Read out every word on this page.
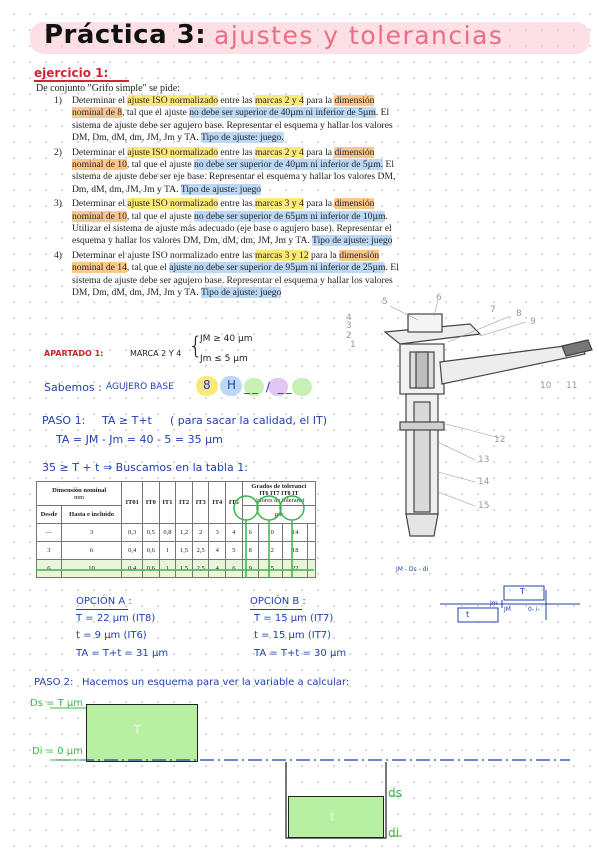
Práctica 3: ajustes y tolerancias
ejercicio 1:
De conjunto "Grifo simple" se pide:
1) Determinar el ajuste ISO normalizado entre las marcas 2 y 4 para la dimensión nominal de 8, tal que el ajuste no debe ser superior de 40µm ni inferior de 5µm. El sistema de ajuste debe ser agujero base. Representar el esquema y hallar los valores DM, Dm, dM, dm, JM, Jm y TA. Tipo de ajuste: juego.
2) Determinar el ajuste ISO normalizado entre las marcas 2 y 4 para la dimensión nominal de 10, tal que el ajuste no debe ser superior de 40µm ni inferior de 5µm. El sistema de ajuste debe ser eje base. Representar el esquema y hallar los valores DM, Dm, dM, dm, JM, Jm y TA. Tipo de ajuste: juego
3) Determinar el ajuste ISO normalizado entre las marcas 3 y 4 para la dimensión nominal de 10, tal que el ajuste no debe ser superior de 65µm ni inferior de 10µm. Utilizar el sistema de ajuste más adecuado (eje base o agujero base). Representar el esquema y hallar los valores DM, Dm, dM, dm, JM, Jm y TA. Tipo de ajuste: juego
4) Determinar el ajuste ISO normalizado entre las marcas 3 y 12 para la dimensión nominal de 14, tal que el ajuste no debe ser superior de 95µm ni inferior de 25µm. El sistema de ajuste debe ser agujero base. Representar el esquema y hallar los valores DM, Dm, dM, dm, JM, Jm y TA. Tipo de ajuste: juego
1
2
3
4
5	6
7 8
9
10 11
12
13
14
15
APARTADO 1:	MARCA 2 Y 4 {
JM ≥ 40 µm
Jm ≤ 5 µm
Sabemos : AGUJERO BASE 8 H __ / __
PASO 1: TA ≥ T+t ( para sacar la calidad, el IT)
TA = JM - Jm = 40 - 5 = 35 µm
35 ≥ T + t ⇒ Buscamos en la tabla 1:
Dimensión nominal
mm		IT01	IT0	IT1	IT2	IT3	IT4	IT5	Grados de toleranci
IT6 IT7 IT8 IT
Valores de toleranci			
Desde	Hasta e incluido								µm			
—	3	0,3	0,5	0,8	1,2	2	3	4	6	10	14	
3	6	0,4	0,6	1	1,5	2,5	4	5	8	12	18	
6	10	0,4	0,6	1	1,5	2,5	4	6	9	15	22	
OPCIÓN A :
T = 22 µm (IT8)
t = 9 µm (IT6)
TA = T+t = 31 µm
OPCIÓN B :
T = 15 µm (IT7)
t = 15 µm (IT7)
TA = T+t = 30 µm
JM - Ds - di
T
t
Jm
JM	0- i-
PASO 2: Hacemos un esquema para ver la variable a calcular:
Ds = T µm
Di = 0 µm
T
t
ds
di
